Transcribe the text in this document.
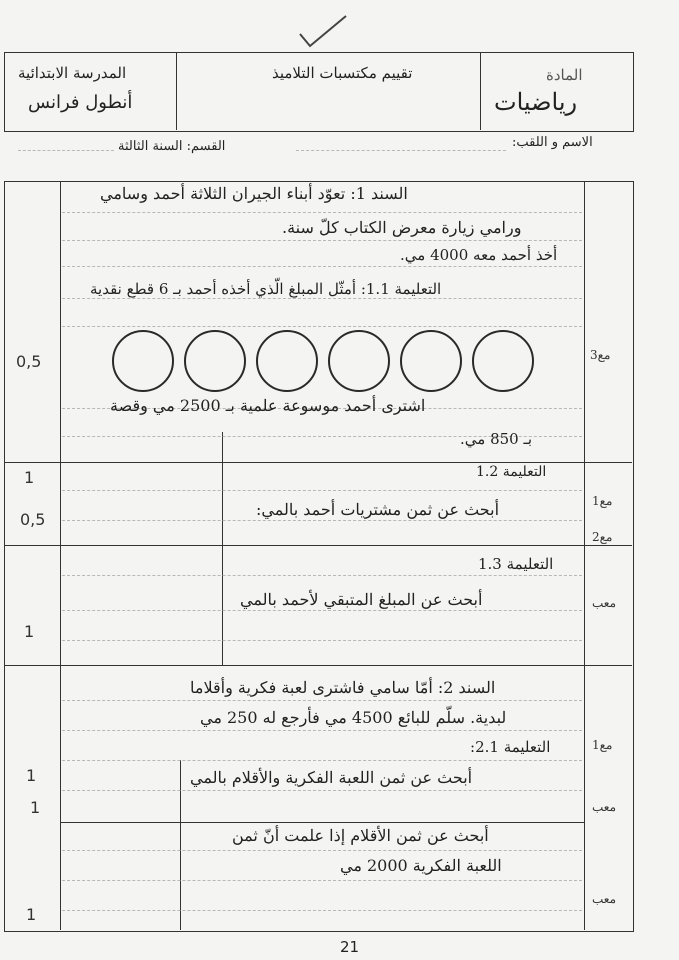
المدرسة الابتدائية
أنطول فرانس
تقييم مكتسبات التلاميذ	المادة
رياضيات
الاسم و اللقب:
القسم: السنة الثالثة
السند 1: تعوّد أبناء الجيران الثلاثة أحمد وسامي
ورامي زيارة معرض الكتاب كلّ سنة.
أخذ أحمد معه 4000 مي.
التعليمة 1.1: أمثّل المبلغ الّذي أخذه أحمد بـ 6 قطع نقدية
اشترى أحمد موسوعة علمية بـ 2500 مي وقصة
بـ 850 مي.
التعليمة 1.2
أبحث عن ثمن مشتريات أحمد بالمي:
التعليمة 1.3
أبحث عن المبلغ المتبقي لأحمد بالمي
السند 2: أمّا سامي فاشترى لعبة فكرية وأقلاما
لبدية. سلّم للبائع 4500 مي فأرجع له 250 مي
التعليمة 2.1:
أبحث عن ثمن اللعبة الفكرية والأقلام بالمي
أبحث عن ثمن الأقلام إذا علمت أنّ ثمن
اللعبة الفكرية 2000 مي
0,5
1
0,5
1
1
1
1
مع3
مع1
مع2
معب
مع1
معب
معب
21
